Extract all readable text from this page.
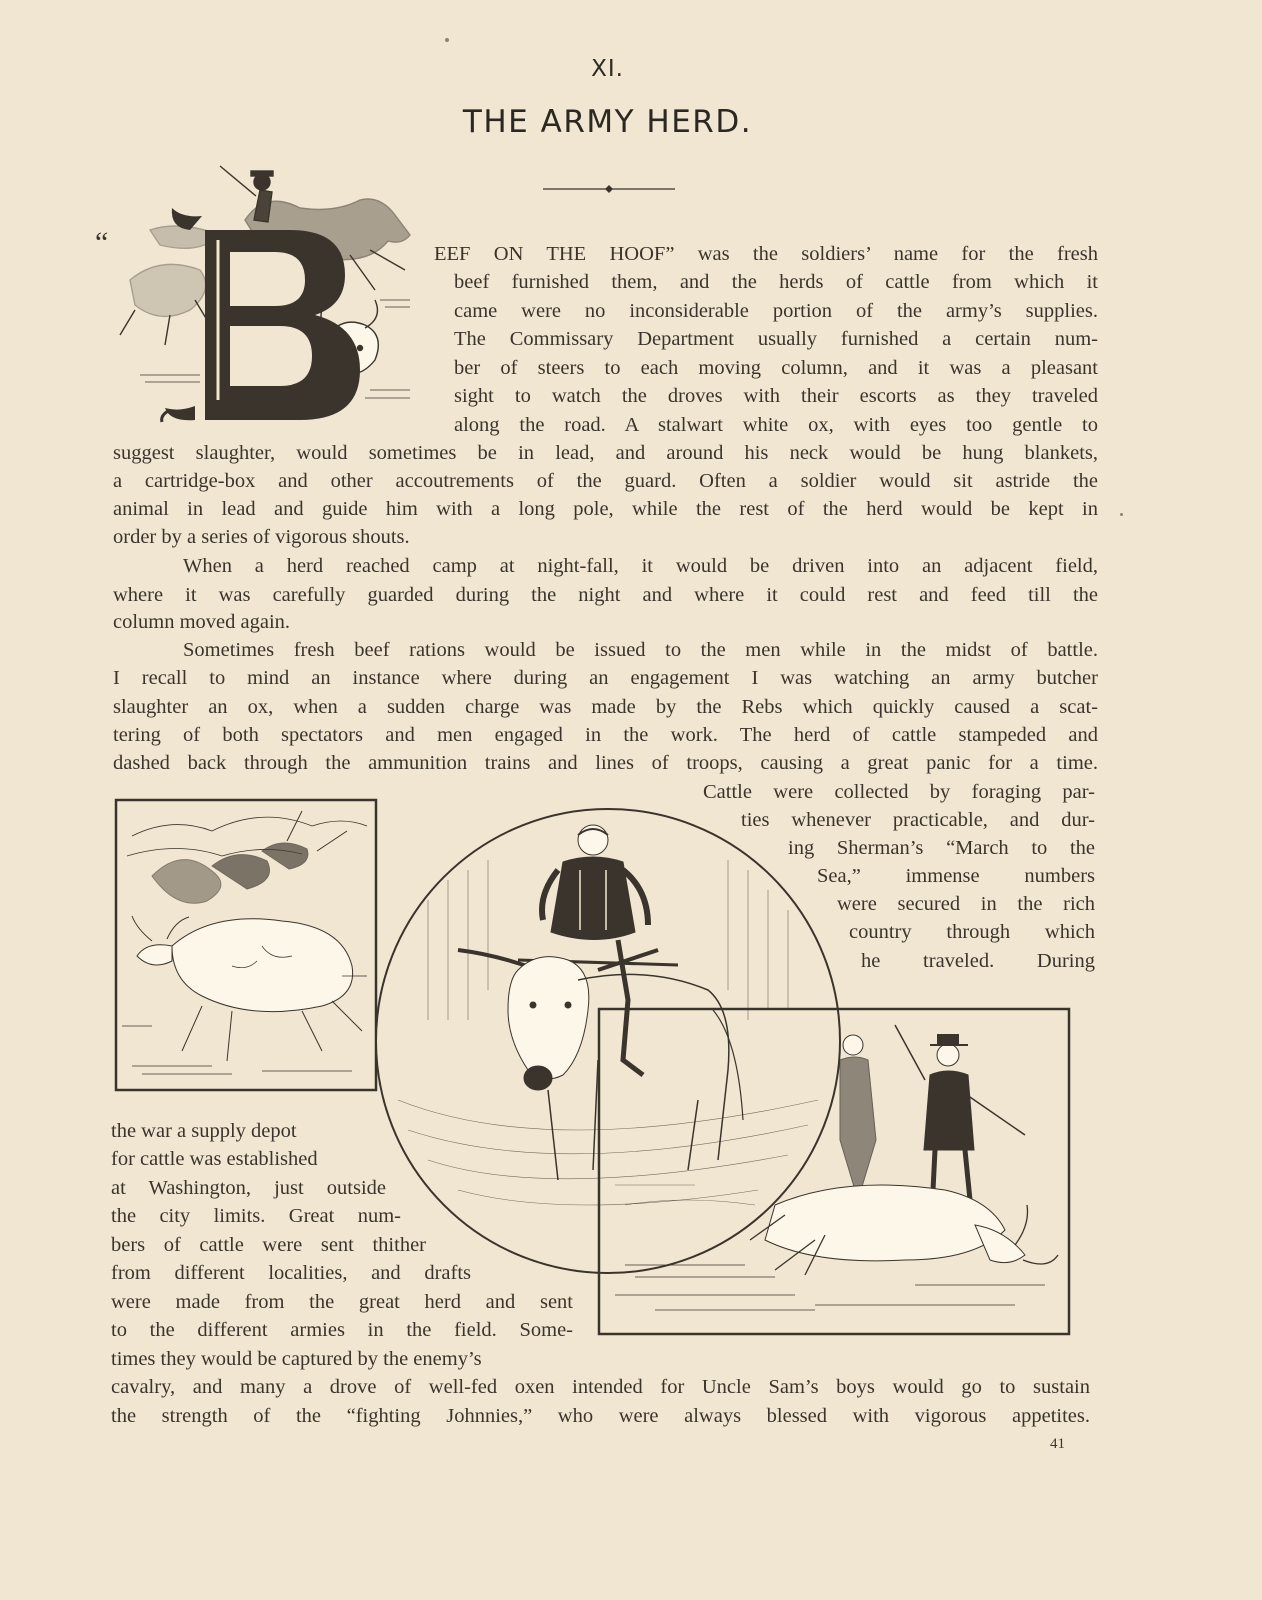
XI.
THE ARMY HERD.
“	EEF ON THE HOOF” was the soldiers’ name for the fresh
beef furnished them, and the herds of cattle from which it
came were no inconsiderable portion of the army’s supplies.
The Commissary Department usually furnished a certain num-
ber of steers to each moving column, and it was a pleasant
sight to watch the droves with their escorts as they traveled
along the road. A stalwart white ox, with eyes too gentle to
suggest slaughter, would sometimes be in lead, and around his neck would be hung blankets,
a cartridge-box and other accoutrements of the guard. Often a soldier would sit astride the
animal in lead and guide him with a long pole, while the rest of the herd would be kept in
order by a series of vigorous shouts.
When a herd reached camp at night-fall, it would be driven into an adjacent field,
where it was carefully guarded during the night and where it could rest and feed till the
column moved again.
Sometimes fresh beef rations would be issued to the men while in the midst of battle.
I recall to mind an instance where during an engagement I was watching an army butcher
slaughter an ox, when a sudden charge was made by the Rebs which quickly caused a scat-
tering of both spectators and men engaged in the work. The herd of cattle stampeded and
dashed back through the ammunition trains and lines of troops, causing a great panic for a time.
Cattle were collected by foraging par-
ties whenever practicable, and dur-
ing Sherman’s “March to the
Sea,” immense numbers
were secured in the rich
country through which
he traveled. During
the war a supply depot
for cattle was established
at Washington, just outside
the city limits. Great num-
bers of cattle were sent thither
from different localities, and drafts
were made from the great herd and sent
to the different armies in the field. Some-
times they would be captured by the enemy’s
cavalry, and many a drove of well-fed oxen intended for Uncle Sam’s boys would go to sustain
the strength of the “fighting Johnnies,” who were always blessed with vigorous appetites.
41
